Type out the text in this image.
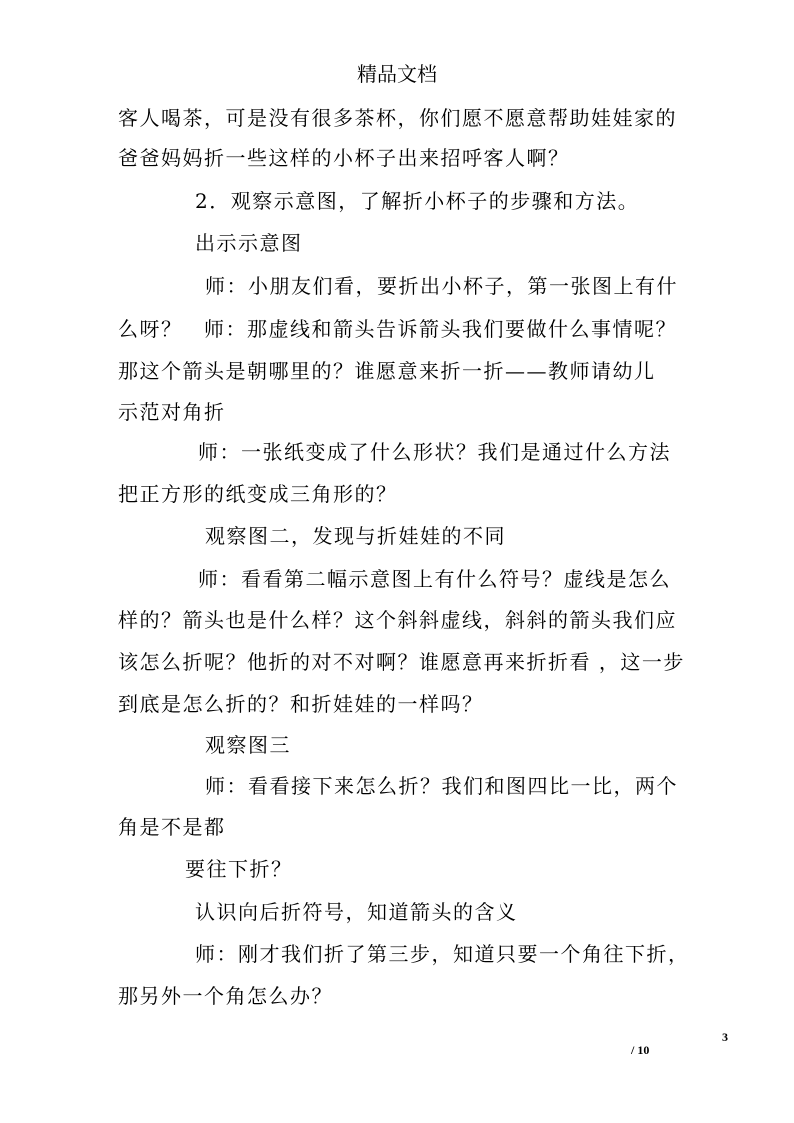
精品文档
客人喝茶，可是没有很多茶杯，你们愿不愿意帮助娃娃家的
爸爸妈妈折一些这样的小杯子出来招呼客人啊？
2．观察示意图，了解折小杯子的步骤和方法。
出示示意图
师：小朋友们看，要折出小杯子，第一张图上有什
么呀？　师：那虚线和箭头告诉箭头我们要做什么事情呢？
那这个箭头是朝哪里的？谁愿意来折一折——教师请幼儿
示范对角折
师：一张纸变成了什么形状？我们是通过什么方法
把正方形的纸变成三角形的？
观察图二，发现与折娃娃的不同
师：看看第二幅示意图上有什么符号？虚线是怎么
样的？箭头也是什么样？这个斜斜虚线，斜斜的箭头我们应
该怎么折呢？他折的对不对啊？谁愿意再来折折看 ，这一步
到底是怎么折的？和折娃娃的一样吗？
观察图三
师：看看接下来怎么折？我们和图四比一比，两个
角是不是都
要往下折？
认识向后折符号，知道箭头的含义
师：刚才我们折了第三步，知道只要一个角往下折，
那另外一个角怎么办？
3
/ 10
